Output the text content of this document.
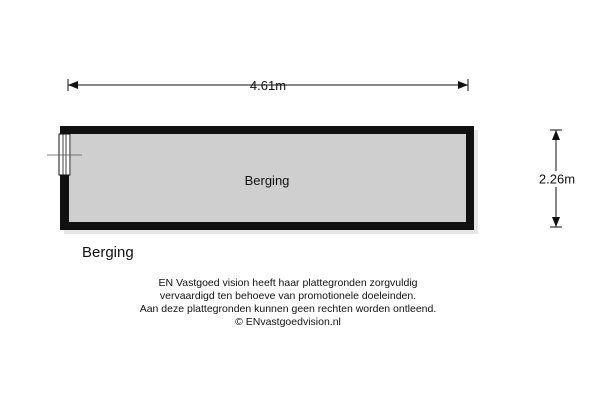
4.61m
2.26m
Berging
Berging
EN Vastgoed vision heeft haar plattegronden zorgvuldig
vervaardigd ten behoeve van promotionele doeleinden.
Aan deze plattegronden kunnen geen rechten worden ontleend.
© ENvastgoedvision.nl
